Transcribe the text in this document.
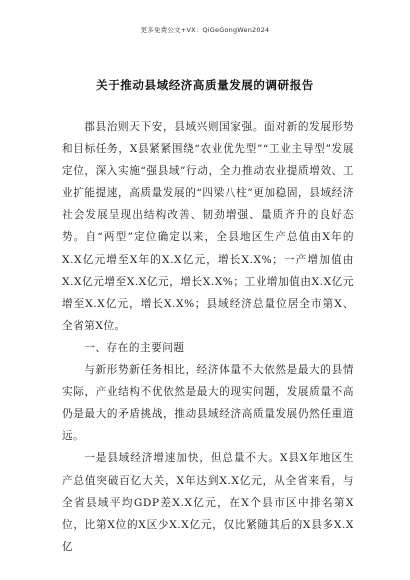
更多免费公文+VX：QiGeGongWen2024
关于推动县域经济高质量发展的调研报告

郡县治则天下安，县域兴则国家强。面对新的发展形势和目标任务，X县紧紧围绕“农业优先型”“工业主导型”发展定位，深入实施“强县域”行动，全力推动农业提质增效、工业扩能提速，高质量发展的“四梁八柱”更加稳固，县域经济社会发展呈现出结构改善、韧劲增强、量质齐升的良好态势。自“两型”定位确定以来，全县地区生产总值由X年的X.X亿元增至X年的X.X亿元，增长X.X%；一产增加值由X.X亿元增至X.X亿元，增长X.X%；工业增加值由X.X亿元增至X.X亿元，增长X.X%；县域经济总量位居全市第X、全省第X位。

一、存在的主要问题

与新形势新任务相比，经济体量不大依然是最大的县情实际，产业结构不优依然是最大的现实问题，发展质量不高仍是最大的矛盾挑战，推动县域经济高质量发展仍然任重道远。

一是县域经济增速加快，但总量不大。X县X年地区生产总值突破百亿大关，X年达到X.X亿元，从全省来看，与全省县域平均GDP差X.X亿元，在X个县市区中排名第X位，比第X位的X区少X.X亿元，仅比紧随其后的X县多X.X亿
